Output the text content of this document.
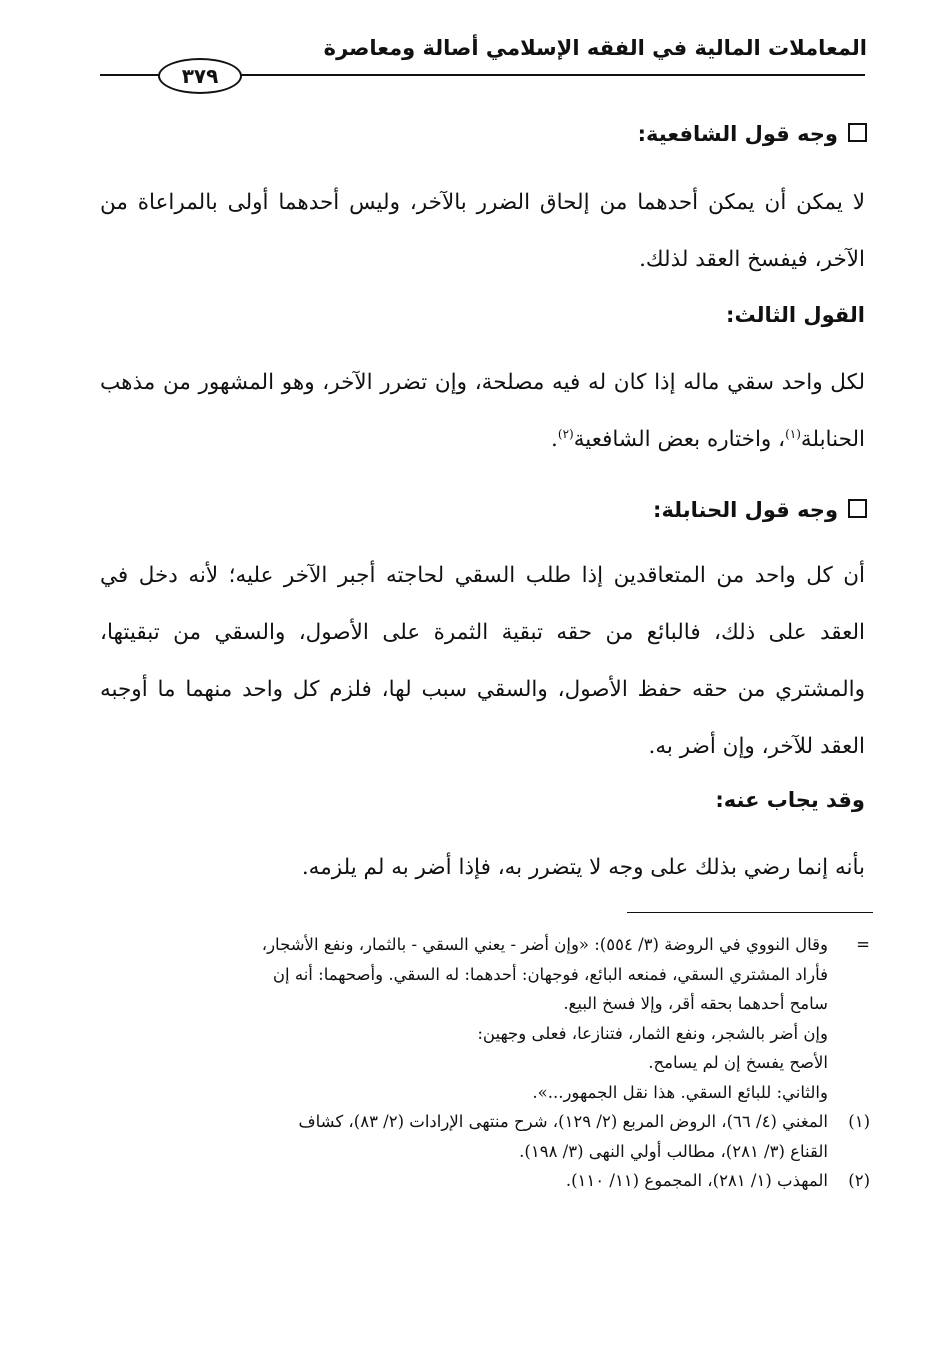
المعاملات المالية في الفقه الإسلامي أصالة ومعاصرة
٣٧٩
وجه قول الشافعية:

لا يمكن أن يمكن أحدهما من إلحاق الضرر بالآخر، وليس أحدهما أولى بالمراعاة من الآخر، فيفسخ العقد لذلك.

القول الثالث:

لكل واحد سقي ماله إذا كان له فيه مصلحة، وإن تضرر الآخر، وهو المشهور من مذهب الحنابلة$^{(١)}$، واختاره بعض الشافعية$^{(٢)}$.

وجه قول الحنابلة:

أن كل واحد من المتعاقدين إذا طلب السقي لحاجته أجبر الآخر عليه؛ لأنه دخل في العقد على ذلك، فالبائع من حقه تبقية الثمرة على الأصول، والسقي من تبقيتها، والمشتري من حقه حفظ الأصول، والسقي سبب لها، فلزم كل واحد منهما ما أوجبه العقد للآخر، وإن أضر به.

وقد يجاب عنه:

بأنه إنما رضي بذلك على وجه لا يتضرر به، فإذا أضر به لم يلزمه.

=
وقال النووي في الروضة (٣/ ٥٥٤): «وإن أضر - يعني السقي - بالثمار، ونفع الأشجار،
فأراد المشتري السقي، فمنعه البائع، فوجهان: أحدهما: له السقي. وأصحهما: أنه إن
سامح أحدهما بحقه أقر، وإلا فسخ البيع.
وإن أضر بالشجر، ونفع الثمار، فتنازعا، فعلى وجهين:
الأصح يفسخ إن لم يسامح.
والثاني: للبائع السقي. هذا نقل الجمهور...».
(١)
المغني (٤/ ٦٦)، الروض المربع (٢/ ١٢٩)، شرح منتهى الإرادات (٢/ ٨٣)، كشاف
القناع (٣/ ٢٨١)، مطالب أولي النهى (٣/ ١٩٨).
(٢)
المهذب (١/ ٢٨١)، المجموع (١١/ ١١٠).
